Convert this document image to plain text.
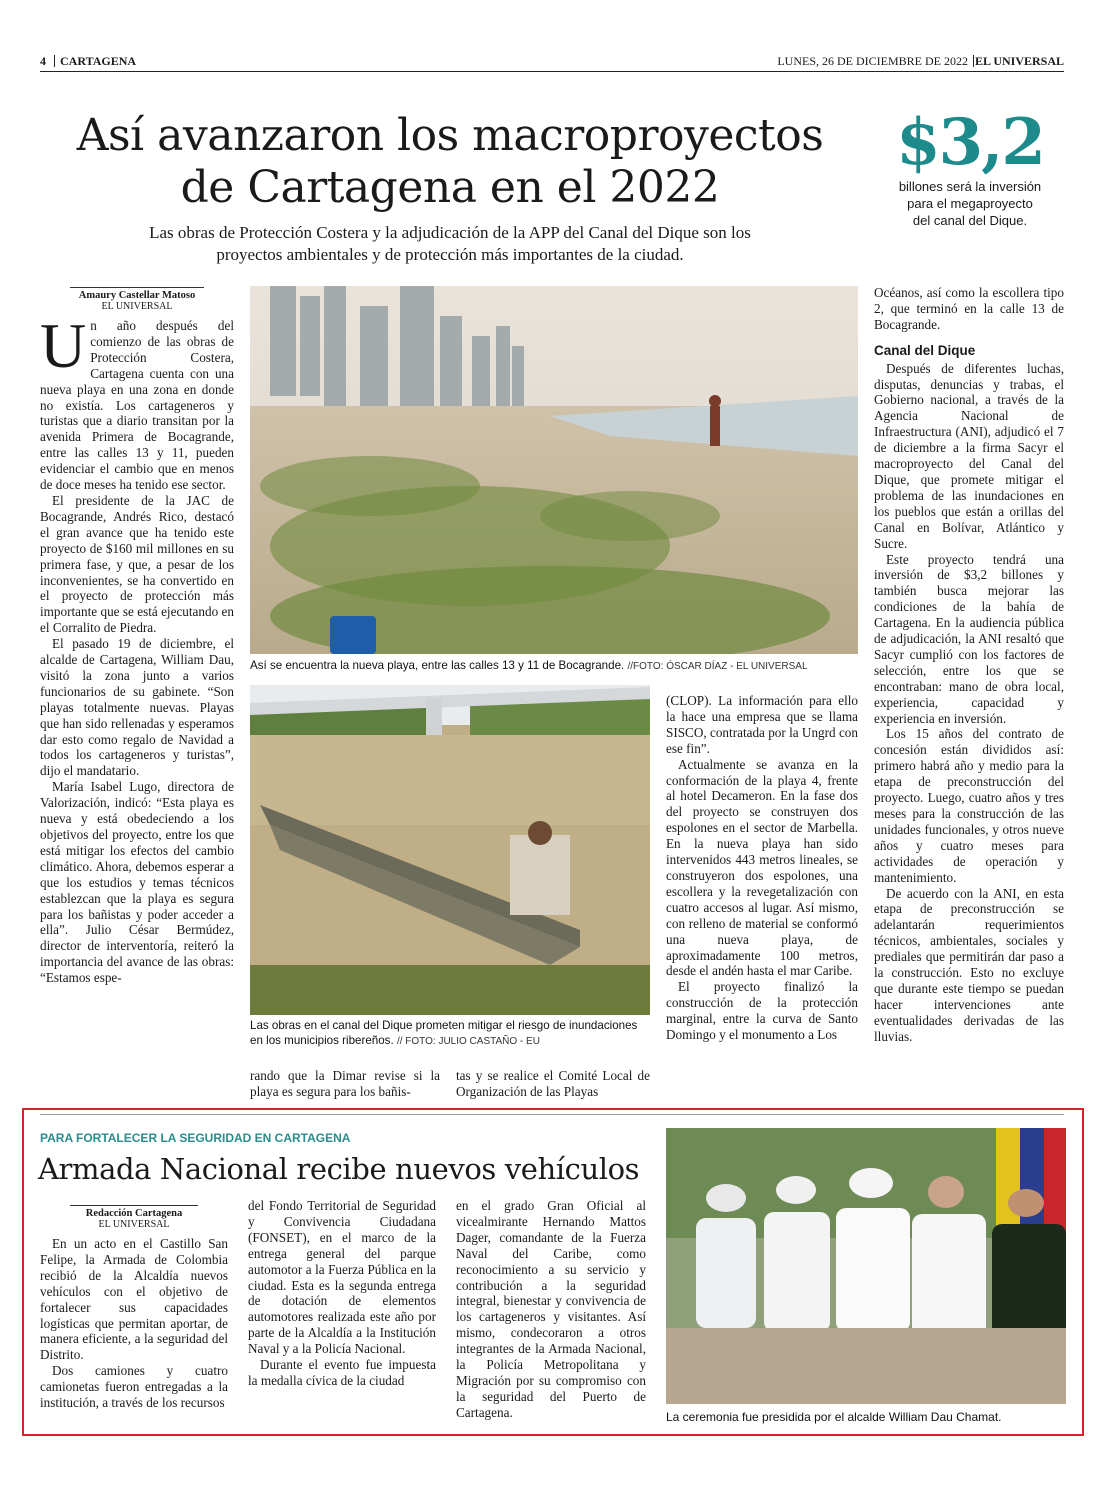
4 CARTAGENA	LUNES, 26 DE DICIEMBRE DE 2022 EL UNIVERSAL
Así avanzaron los macroproyectos
de Cartagena en el 2022
Las obras de Protección Costera y la adjudicación de la APP del Canal del Dique son los
proyectos ambientales y de protección más importantes de la ciudad.
$3,2
billones será la inversión
para el megaproyecto
del canal del Dique.
Amaury Castellar Matoso
EL UNIVERSAL

Un año después del comienzo de las obras de Protección Costera, Cartagena cuenta con una nueva playa en una zona en donde no existía. Los cartageneros y turistas que a diario transitan por la avenida Primera de Bocagrande, entre las calles 13 y 11, pueden evidenciar el cambio que en menos de doce meses ha tenido ese sector.

El presidente de la JAC de Bocagrande, Andrés Rico, destacó el gran avance que ha tenido este proyecto de $160 mil millones en su primera fase, y que, a pesar de los inconvenientes, se ha convertido en el proyecto de protección más importante que se está ejecutando en el Corralito de Piedra.

El pasado 19 de diciembre, el alcalde de Cartagena, William Dau, visitó la zona junto a varios funcionarios de su gabinete. “Son playas totalmente nuevas. Playas que han sido rellenadas y esperamos dar esto como regalo de Navidad a todos los cartageneros y turistas”, dijo el mandatario.

María Isabel Lugo, directora de Valorización, indicó: “Esta playa es nueva y está obedeciendo a los objetivos del proyecto, entre los que está mitigar los efectos del cambio climático. Ahora, debemos esperar a que los estudios y temas técnicos establezcan que la playa es segura para los bañistas y poder acceder a ella”. Julio César Bermúdez, director de interventoría, reiteró la importancia del avance de las obras: “Estamos espe-

Así se encuentra la nueva playa, entre las calles 13 y 11 de Bocagrande. //FOTO: ÓSCAR DÍAZ - EL UNIVERSAL
Las obras en el canal del Dique prometen mitigar el riesgo de inundaciones en los municipios ribereños. // FOTO: JULIO CASTAÑO - EU

rando que la Dimar revise si la playa es segura para los bañis-

tas y se realice el Comité Local de Organización de las Playas

(CLOP). La información para ello la hace una empresa que se llama SISCO, contratada por la Ungrd con ese fin”.

Actualmente se avanza en la conformación de la playa 4, frente al hotel Decameron. En la fase dos del proyecto se construyen dos espolones en el sector de Marbella. En la nueva playa han sido intervenidos 443 metros lineales, se construyeron dos espolones, una escollera y la revegetalización con cuatro accesos al lugar. Así mismo, con relleno de material se conformó una nueva playa, de aproximadamente 100 metros, desde el andén hasta el mar Caribe.

El proyecto finalizó la construcción de la protección marginal, entre la curva de Santo Domingo y el monumento a Los

Océanos, así como la escollera tipo 2, que terminó en la calle 13 de Bocagrande.

Canal del Dique

Después de diferentes luchas, disputas, denuncias y trabas, el Gobierno nacional, a través de la Agencia Nacional de Infraestructura (ANI), adjudicó el 7 de diciembre a la firma Sacyr el macroproyecto del Canal del Dique, que promete mitigar el problema de las inundaciones en los pueblos que están a orillas del Canal en Bolívar, Atlántico y Sucre.

Este proyecto tendrá una inversión de $3,2 billones y también busca mejorar las condiciones de la bahía de Cartagena. En la audiencia pública de adjudicación, la ANI resaltó que Sacyr cumplió con los factores de selección, entre los que se encontraban: mano de obra local, experiencia, capacidad y experiencia en inversión.

Los 15 años del contrato de concesión están divididos así: primero habrá año y medio para la etapa de preconstrucción del proyecto. Luego, cuatro años y tres meses para la construcción de las unidades funcionales, y otros nueve años y cuatro meses para actividades de operación y mantenimiento.

De acuerdo con la ANI, en esta etapa de preconstrucción se adelantarán requerimientos técnicos, ambientales, sociales y prediales que permitirán dar paso a la construcción. Esto no excluye que durante este tiempo se puedan hacer intervenciones ante eventualidades derivadas de las lluvias.

PARA FORTALECER LA SEGURIDAD EN CARTAGENA
Armada Nacional recibe nuevos vehículos
Redacción Cartagena
EL UNIVERSAL

En un acto en el Castillo San Felipe, la Armada de Colombia recibió de la Alcaldía nuevos vehículos con el objetivo de fortalecer sus capacidades logísticas que permitan aportar, de manera eficiente, a la seguridad del Distrito.

Dos camiones y cuatro camionetas fueron entregadas a la institución, a través de los recursos

del Fondo Territorial de Seguridad y Convivencia Ciudadana (FONSET), en el marco de la entrega general del parque automotor a la Fuerza Pública en la ciudad. Esta es la segunda entrega de dotación de elementos automotores realizada este año por parte de la Alcaldía a la Institución Naval y a la Policía Nacional.

Durante el evento fue impuesta la medalla cívica de la ciudad

en el grado Gran Oficial al vicealmirante Hernando Mattos Dager, comandante de la Fuerza Naval del Caribe, como reconocimiento a su servicio y contribución a la seguridad integral, bienestar y convivencia de los cartageneros y visitantes. Así mismo, condecoraron a otros integrantes de la Armada Nacional, la Policía Metropolitana y Migración por su compromiso con la seguridad del Puerto de Cartagena.	La ceremonia fue presidida por el alcalde William Dau Chamat.
